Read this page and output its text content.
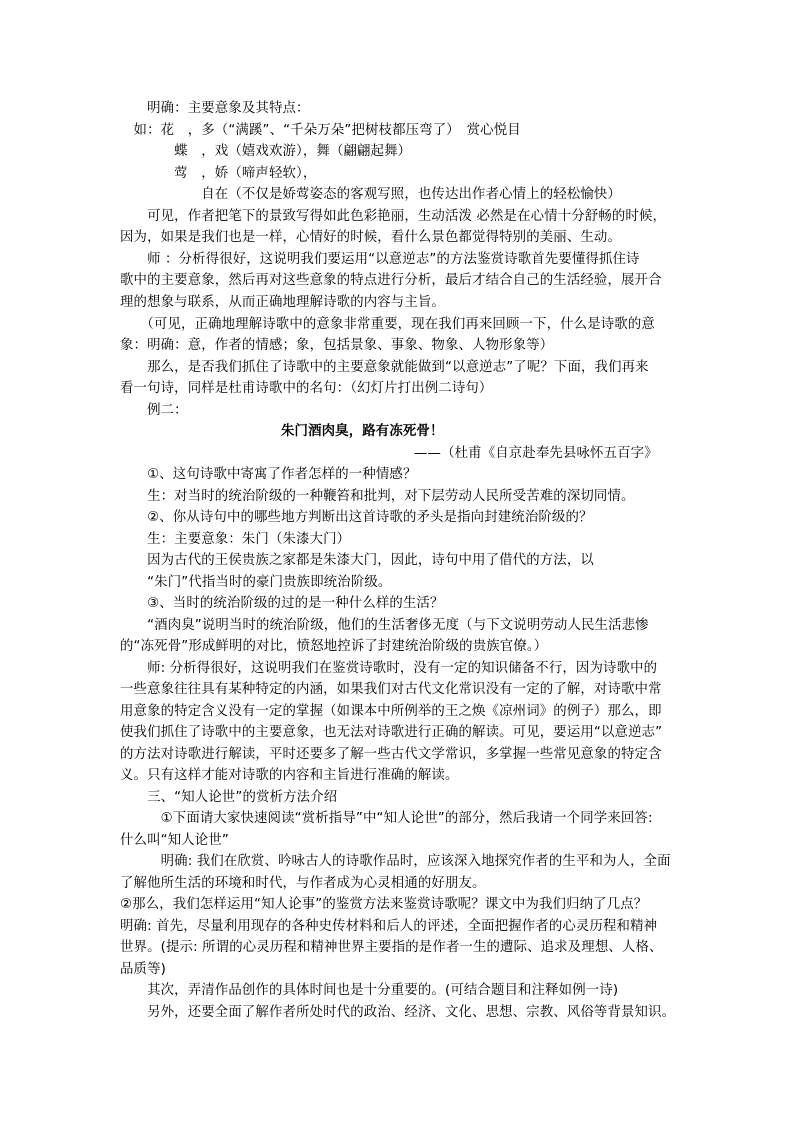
　　明确：主要意象及其特点：
　如：花　，多（“满蹊”、“千朵万朵”把树枝都压弯了）　赏心悦目
　　　　蝶　，戏（嬉戏欢游），舞（翩翩起舞）
　　　　莺　，娇（啼声轻软），
　　　　　　自在（不仅是娇莺姿态的客观写照，也传达出作者心情上的轻松愉快）
　　可见，作者把笔下的景致写得如此色彩艳丽，生动活泼 必然是在心情十分舒畅的时候，
因为，如果是我们也是一样，心情好的时候，看什么景色都觉得特别的美丽、生动。
　　师 ：分析得很好，这说明我们要运用“以意逆志”的方法鉴赏诗歌首先要懂得抓住诗
歌中的主要意象，然后再对这些意象的特点进行分析，最后才结合自己的生活经验，展开合
理的想象与联系，从而正确地理解诗歌的内容与主旨。
　　（可见，正确地理解诗歌中的意象非常重要，现在我们再来回顾一下，什么是诗歌的意
象：明确：意，作者的情感；象，包括景象、事象、物象、人物形象等）
　　那么，是否我们抓住了诗歌中的主要意象就能做到“以意逆志”了呢？下面，我们再来
看一句诗，同样是杜甫诗歌中的名句：（幻灯片打出例二诗句）
　　例二：
朱门酒肉臭，路有冻死骨！
——（杜甫《自京赴奉先县咏怀五百字》
　　①、这句诗歌中寄寓了作者怎样的一种情感？
　　生：对当时的统治阶级的一种鞭笞和批判，对下层劳动人民所受苦难的深切同情。
　　②、你从诗句中的哪些地方判断出这首诗歌的矛头是指向封建统治阶级的？
　　生：主要意象：朱门（朱漆大门）
　　因为古代的王侯贵族之家都是朱漆大门，因此，诗句中用了借代的方法，以
　　“朱门”代指当时的豪门贵族即统治阶级。
　　③、当时的统治阶级的过的是一种什么样的生活？
　　“酒肉臭”说明当时的统治阶级，他们的生活奢侈无度（与下文说明劳动人民生活悲惨
的“冻死骨”形成鲜明的对比，愤怒地控诉了封建统治阶级的贵族官僚。）
　　师: 分析得很好，这说明我们在鉴赏诗歌时，没有一定的知识储备不行，因为诗歌中的
一些意象往往具有某种特定的内涵，如果我们对古代文化常识没有一定的了解，对诗歌中常
用意象的特定含义没有一定的掌握（如课本中所例举的王之焕《凉州词》的例子）那么，即
使我们抓住了诗歌中的主要意象，也无法对诗歌进行正确的解读。可见，要运用“以意逆志”
的方法对诗歌进行解读，平时还要多了解一些古代文学常识，多掌握一些常见意象的特定含
义。只有这样才能对诗歌的内容和主旨进行准确的解读。
　　三、“知人论世”的赏析方法介绍
　　　①下面请大家快速阅读“赏析指导”中“知人论世”的部分，然后我请一个同学来回答:
什么叫“知人论世”
　　　明确: 我们在欣赏、吟咏古人的诗歌作品时，应该深入地探究作者的生平和为人，全面
了解他所生活的环境和时代，与作者成为心灵相通的好朋友。
②那么，我们怎样运用“知人论事”的鉴赏方法来鉴赏诗歌呢？课文中为我们归纳了几点？
明确: 首先，尽量利用现存的各种史传材料和后人的评述，全面把握作者的心灵历程和精神
世界。(提示: 所谓的心灵历程和精神世界主要指的是作者一生的遭际、追求及理想、人格、
品质等)
　　其次，弄清作品创作的具体时间也是十分重要的。(可结合题目和注释如例一诗)
　　另外，还要全面了解作者所处时代的政治、经济、文化、思想、宗教、风俗等背景知识。
